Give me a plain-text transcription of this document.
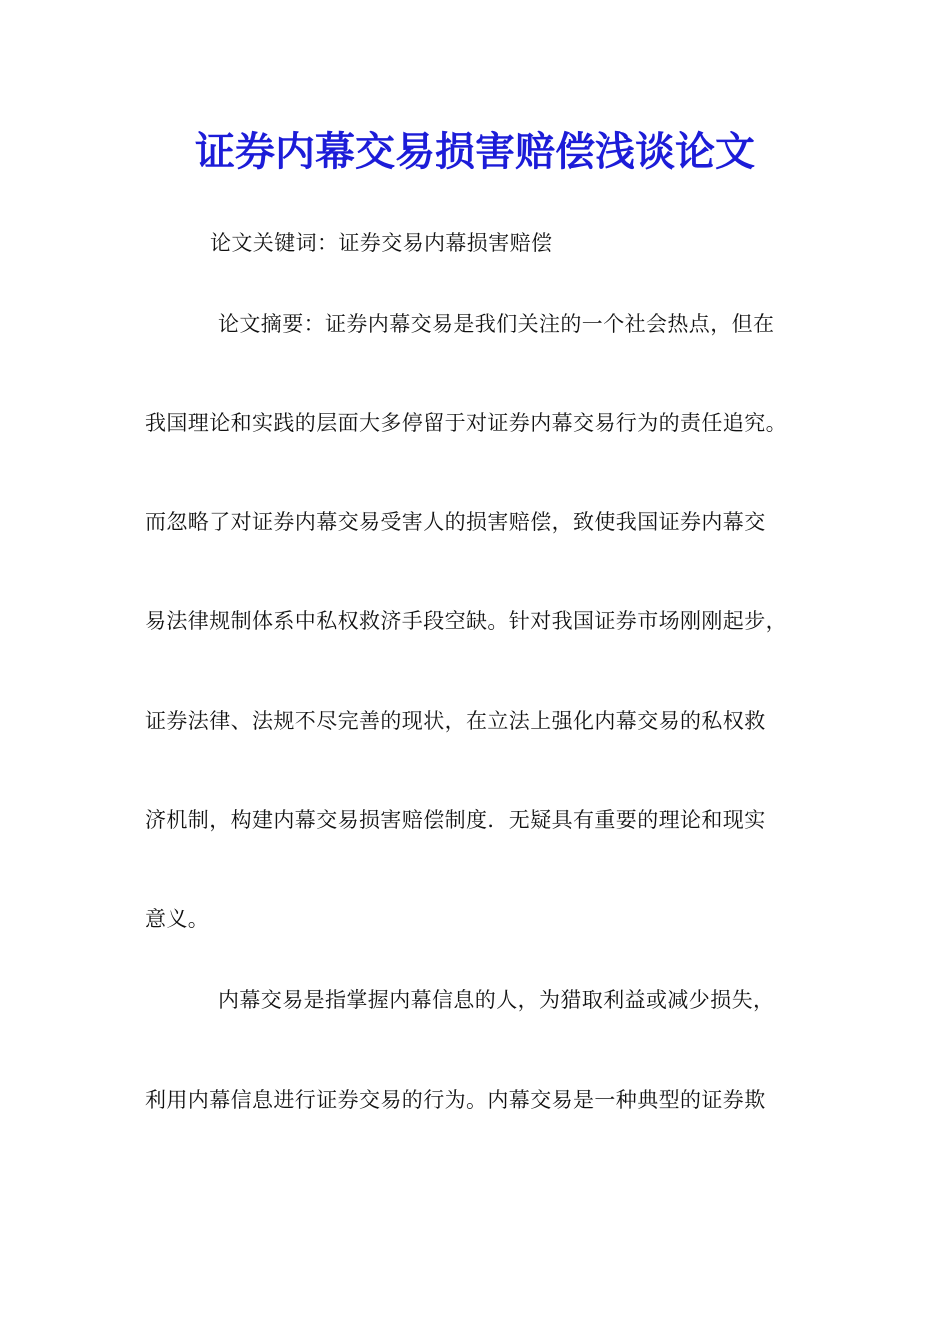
证券内幕交易损害赔偿浅谈论文
论文关键词：证券交易内幕损害赔偿
论文摘要：证券内幕交易是我们关注的一个社会热点，但在
我国理论和实践的层面大多停留于对证券内幕交易行为的责任追究。
而忽略了对证券内幕交易受害人的损害赔偿，致使我国证券内幕交
易法律规制体系中私权救济手段空缺。针对我国证券市场刚刚起步，
证券法律、法规不尽完善的现状，在立法上强化内幕交易的私权救
济机制，构建内幕交易损害赔偿制度．无疑具有重要的理论和现实
意义。
内幕交易是指掌握内幕信息的人，为猎取利益或减少损失，
利用内幕信息进行证券交易的行为。内幕交易是一种典型的证券欺
